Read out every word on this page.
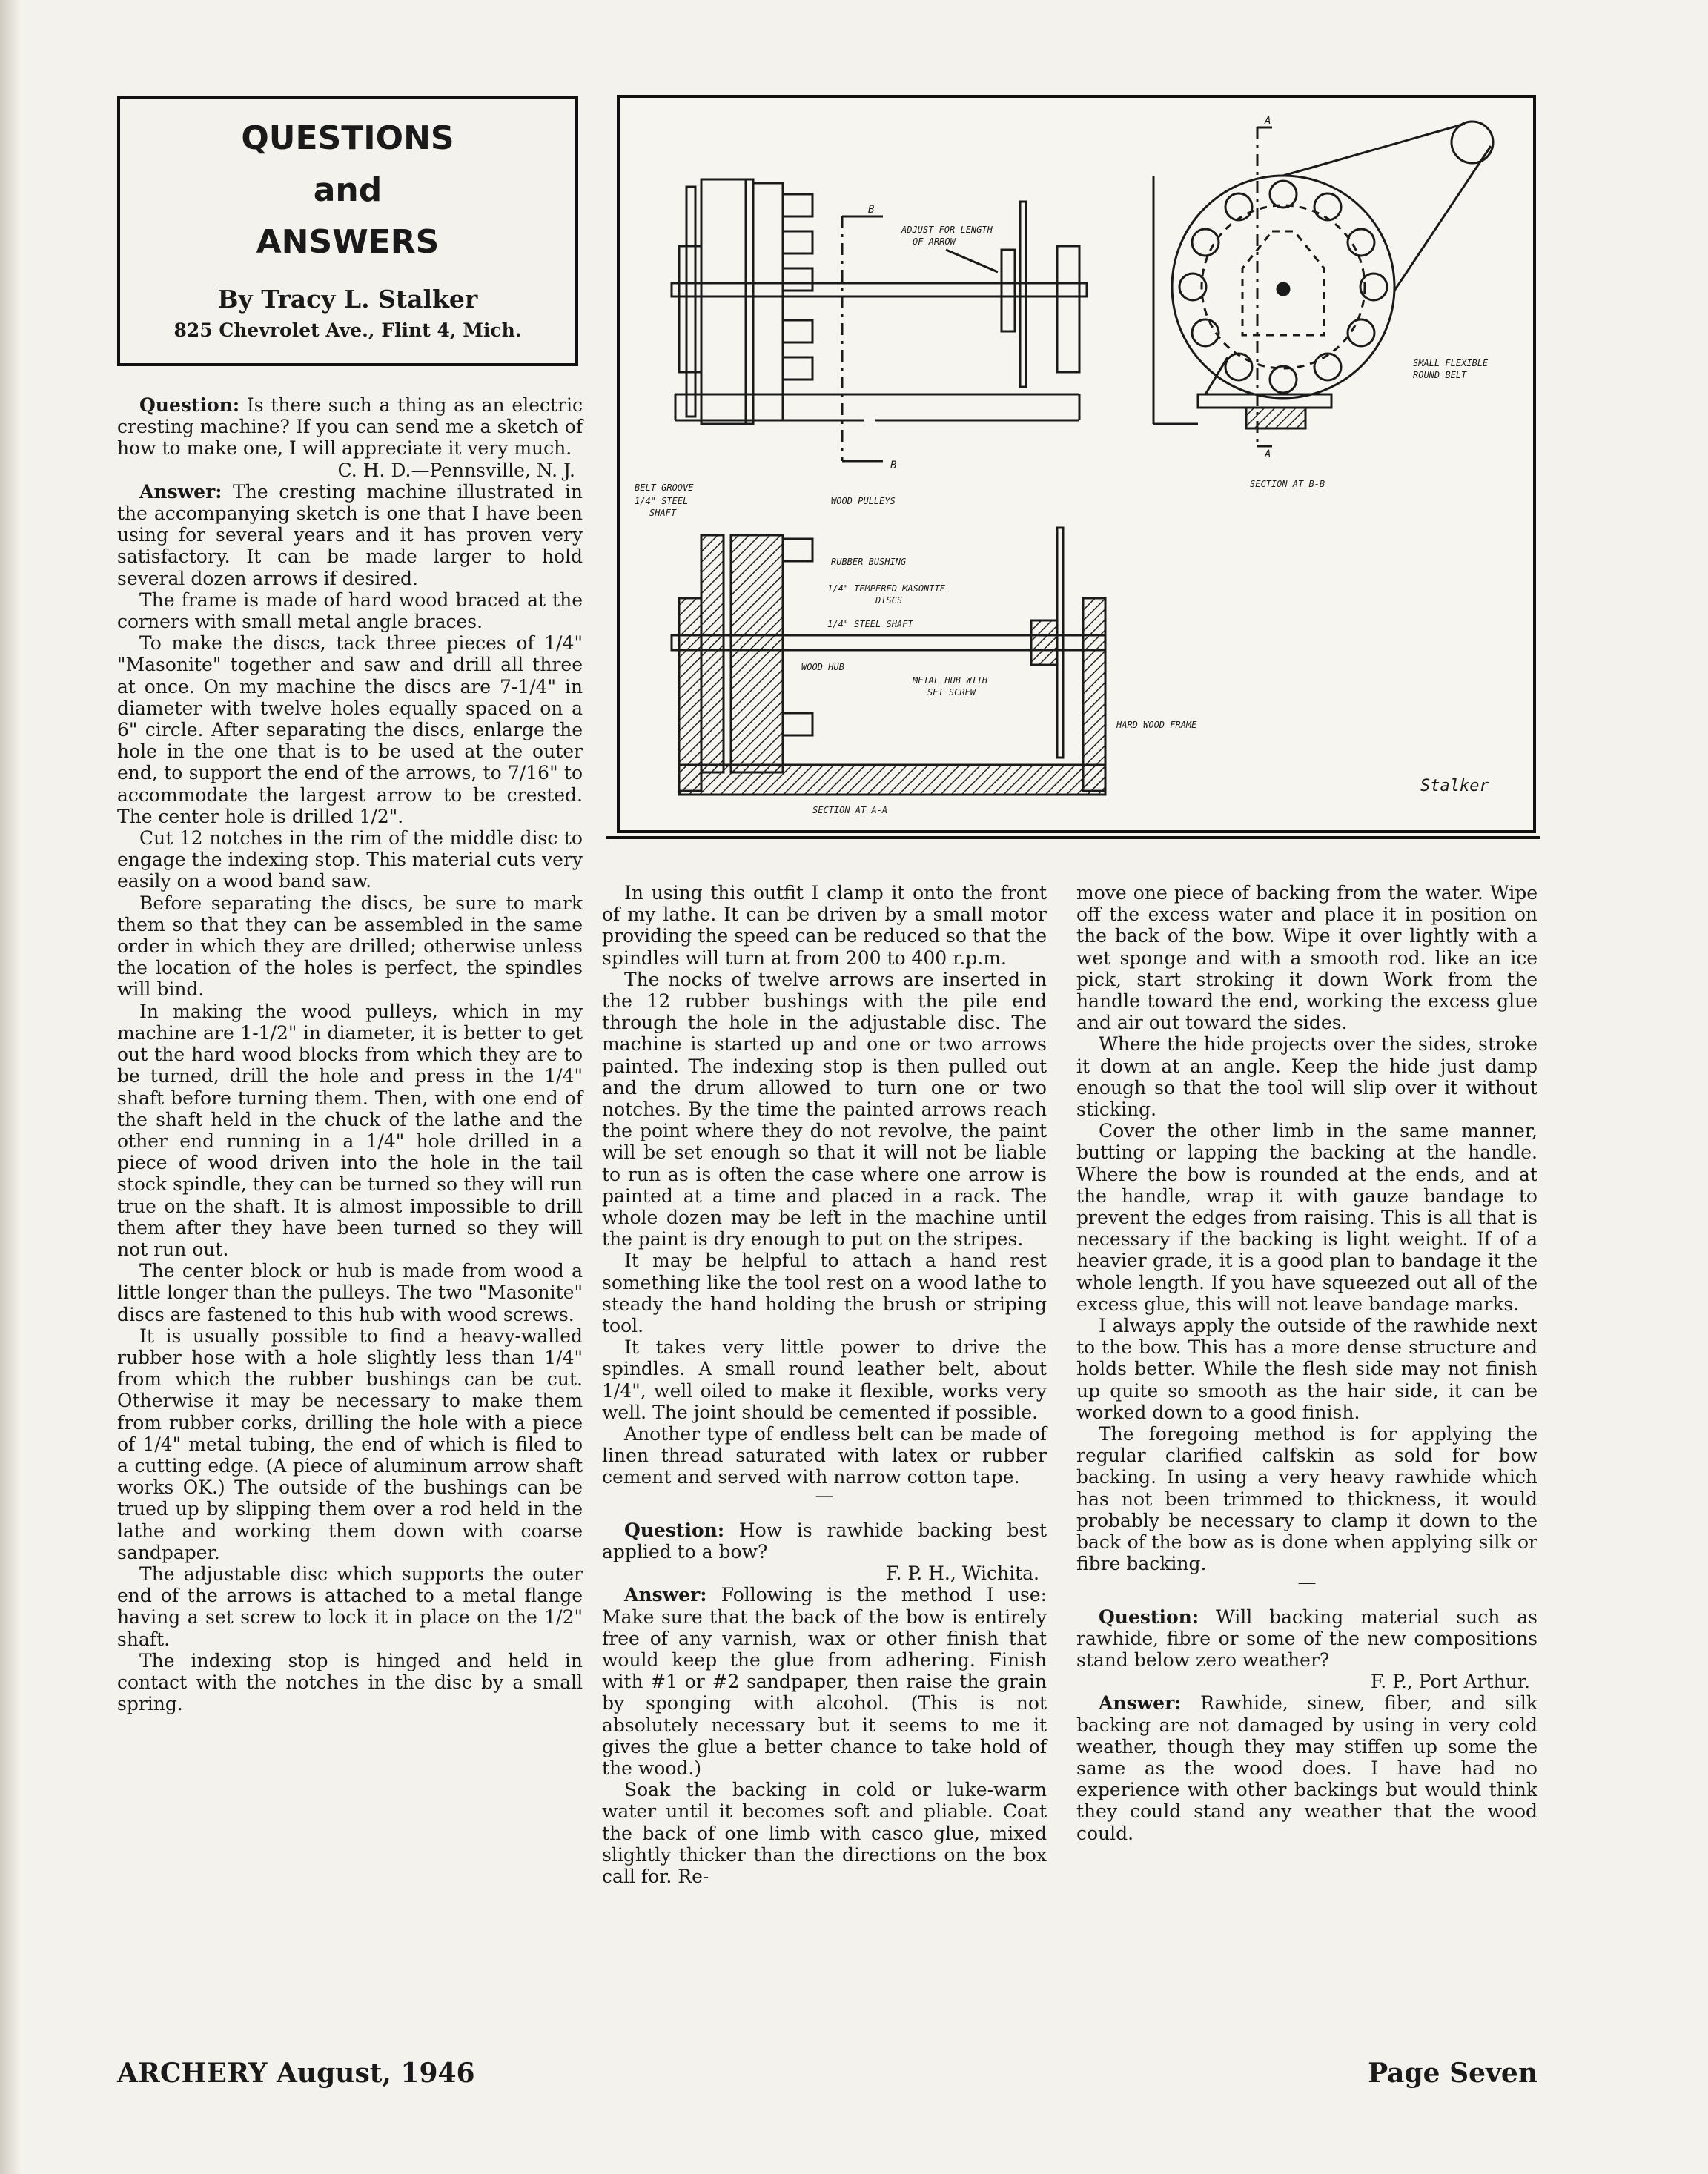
QUESTIONS
and
ANSWERS
By Tracy L. Stalker
825 Chevrolet Ave., Flint 4, Mich.
B
B
ADJUST FOR LENGTH
OF ARROW
A
A
SMALL FLEXIBLE
ROUND BELT
SECTION AT B-B
BELT GROOVE
1/4" STEEL
SHAFT
WOOD PULLEYS
RUBBER BUSHING
1/4" TEMPERED MASONITE
DISCS
1/4" STEEL SHAFT
WOOD HUB
METAL HUB WITH
SET SCREW
HARD WOOD FRAME
SECTION AT A-A
Stalker

Question: Is there such a thing as an electric cresting machine? If you can send me a sketch of how to make one, I will appreciate it very much.

C. H. D.—Pennsville, N. J.

Answer: The cresting machine illustrated in the accompanying sketch is one that I have been using for several years and it has proven very satisfactory. It can be made larger to hold several dozen arrows if desired.

The frame is made of hard wood braced at the corners with small metal angle braces.

To make the discs, tack three pieces of 1/4" "Masonite" together and saw and drill all three at once. On my machine the discs are 7-1/4" in diameter with twelve holes equally spaced on a 6" circle. After separating the discs, enlarge the hole in the one that is to be used at the outer end, to support the end of the arrows, to 7/16" to accommodate the largest arrow to be crested. The center hole is drilled 1/2".

Cut 12 notches in the rim of the middle disc to engage the indexing stop. This material cuts very easily on a wood band saw.

Before separating the discs, be sure to mark them so that they can be assembled in the same order in which they are drilled; otherwise unless the location of the holes is perfect, the spindles will bind.

In making the wood pulleys, which in my machine are 1-1/2" in diameter, it is better to get out the hard wood blocks from which they are to be turned, drill the hole and press in the 1/4" shaft before turning them. Then, with one end of the shaft held in the chuck of the lathe and the other end running in a 1/4" hole drilled in a piece of wood driven into the hole in the tail stock spindle, they can be turned so they will run true on the shaft. It is almost impossible to drill them after they have been turned so they will not run out.

The center block or hub is made from wood a little longer than the pulleys. The two "Masonite" discs are fastened to this hub with wood screws.

It is usually possible to find a heavy-walled rubber hose with a hole slightly less than 1/4" from which the rubber bushings can be cut. Otherwise it may be necessary to make them from rubber corks, drilling the hole with a piece of 1/4" metal tubing, the end of which is filed to a cutting edge. (A piece of aluminum arrow shaft works OK.) The outside of the bushings can be trued up by slipping them over a rod held in the lathe and working them down with coarse sandpaper.

The adjustable disc which supports the outer end of the arrows is attached to a metal flange having a set screw to lock it in place on the 1/2" shaft.

The indexing stop is hinged and held in contact with the notches in the disc by a small spring.

In using this outfit I clamp it onto the front of my lathe. It can be driven by a small motor providing the speed can be reduced so that the spindles will turn at from 200 to 400 r.p.m.

The nocks of twelve arrows are inserted in the 12 rubber bushings with the pile end through the hole in the adjustable disc. The machine is started up and one or two arrows painted. The indexing stop is then pulled out and the drum allowed to turn one or two notches. By the time the painted arrows reach the point where they do not revolve, the paint will be set enough so that it will not be liable to run as is often the case where one arrow is painted at a time and placed in a rack. The whole dozen may be left in the machine until the paint is dry enough to put on the stripes.

It may be helpful to attach a hand rest something like the tool rest on a wood lathe to steady the hand holding the brush or striping tool.

It takes very little power to drive the spindles. A small round leather belt, about 1/4", well oiled to make it flexible, works very well. The joint should be cemented if possible.

Another type of endless belt can be made of linen thread saturated with latex or rubber cement and served with narrow cotton tape.

—

Question: How is rawhide backing best applied to a bow?

F. P. H., Wichita.

Answer: Following is the method I use: Make sure that the back of the bow is entirely free of any varnish, wax or other finish that would keep the glue from adhering. Finish with #1 or #2 sandpaper, then raise the grain by sponging with alcohol. (This is not absolutely necessary but it seems to me it gives the glue a better chance to take hold of the wood.)

Soak the backing in cold or luke-warm water until it becomes soft and pliable. Coat the back of one limb with casco glue, mixed slightly thicker than the directions on the box call for. Re-

move one piece of backing from the water. Wipe off the excess water and place it in position on the back of the bow. Wipe it over lightly with a wet sponge and with a smooth rod. like an ice pick, start stroking it down Work from the handle toward the end, working the excess glue and air out toward the sides.

Where the hide projects over the sides, stroke it down at an angle. Keep the hide just damp enough so that the tool will slip over it without sticking.

Cover the other limb in the same manner, butting or lapping the backing at the handle. Where the bow is rounded at the ends, and at the handle, wrap it with gauze bandage to prevent the edges from raising. This is all that is necessary if the backing is light weight. If of a heavier grade, it is a good plan to bandage it the whole length. If you have squeezed out all of the excess glue, this will not leave bandage marks.

I always apply the outside of the rawhide next to the bow. This has a more dense structure and holds better. While the flesh side may not finish up quite so smooth as the hair side, it can be worked down to a good finish.

The foregoing method is for applying the regular clarified calfskin as sold for bow backing. In using a very heavy rawhide which has not been trimmed to thickness, it would probably be necessary to clamp it down to the back of the bow as is done when applying silk or fibre backing.

—

Question: Will backing material such as rawhide, fibre or some of the new compositions stand below zero weather?

F. P., Port Arthur.

Answer: Rawhide, sinew, fiber, and silk backing are not damaged by using in very cold weather, though they may stiffen up some the same as the wood does. I have had no experience with other backings but would think they could stand any weather that the wood could.

ARCHERY August, 1946	Page Seven
